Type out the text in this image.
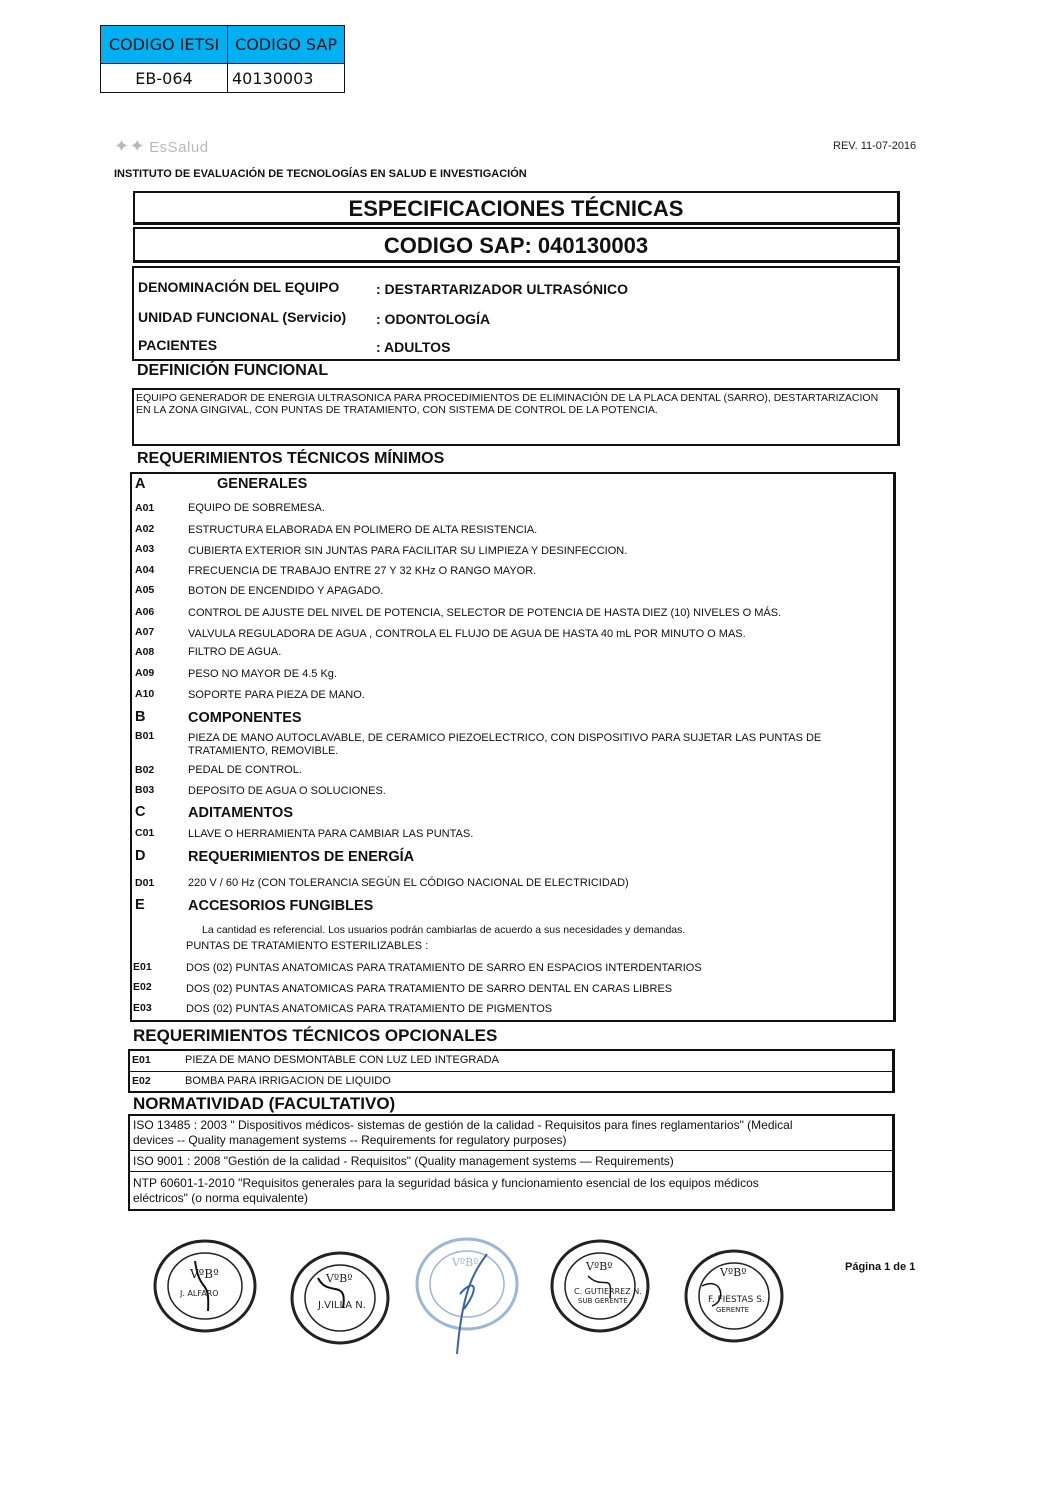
CODIGO IETSI	CODIGO SAP
EB-064	40130003
✦✦ EsSalud	REV. 11-07-2016
INSTITUTO DE EVALUACIÓN DE TECNOLOGÍAS EN SALUD E INVESTIGACIÓN
ESPECIFICACIONES TÉCNICAS
CODIGO SAP: 040130003
DENOMINACIÓN DEL EQUIPO	: DESTARTARIZADOR ULTRASÓNICO
UNIDAD FUNCIONAL (Servicio) : ODONTOLOGÍA
PACIENTES	: ADULTOS
DEFINICIÓN FUNCIONAL
EQUIPO GENERADOR DE ENERGIA ULTRASONICA PARA PROCEDIMIENTOS DE ELIMINACIÓN DE LA PLACA DENTAL (SARRO), DESTARTARIZACION EN LA ZONA GINGIVAL, CON PUNTAS DE TRATAMIENTO, CON SISTEMA DE CONTROL DE LA POTENCIA.
REQUERIMIENTOS TÉCNICOS MÍNIMOS
A	GENERALES
A01	EQUIPO DE SOBREMESA.
A02	ESTRUCTURA ELABORADA EN POLIMERO DE ALTA RESISTENCIA.
A03	CUBIERTA EXTERIOR SIN JUNTAS PARA FACILITAR SU LIMPIEZA Y DESINFECCION.
A04	FRECUENCIA DE TRABAJO ENTRE 27 Y 32 KHz O RANGO MAYOR.
A05	BOTON DE ENCENDIDO Y APAGADO.
A06	CONTROL DE AJUSTE DEL NIVEL DE POTENCIA, SELECTOR DE POTENCIA DE HASTA DIEZ (10) NIVELES O MÁS.
A07	VALVULA REGULADORA DE AGUA , CONTROLA EL FLUJO DE AGUA DE HASTA 40 mL POR MINUTO O MAS.
A08	FILTRO DE AGUA.
A09	PESO NO MAYOR DE 4.5 Kg.
A10	SOPORTE PARA PIEZA DE MANO.
B	COMPONENTES
B01	PIEZA DE MANO AUTOCLAVABLE, DE CERAMICO PIEZOELECTRICO, CON DISPOSITIVO PARA SUJETAR LAS PUNTAS DE
TRATAMIENTO, REMOVIBLE.
B02	PEDAL DE CONTROL.
B03	DEPOSITO DE AGUA O SOLUCIONES.
C	ADITAMENTOS
C01	LLAVE O HERRAMIENTA PARA CAMBIAR LAS PUNTAS.
D	REQUERIMIENTOS DE ENERGÍA
D01	220 V / 60 Hz (CON TOLERANCIA SEGÚN EL CÓDIGO NACIONAL DE ELECTRICIDAD)
E	ACCESORIOS FUNGIBLES
La cantidad es referencial. Los usuarios podrán cambiarlas de acuerdo a sus necesidades y demandas.
PUNTAS DE TRATAMIENTO ESTERILIZABLES :
E01	DOS (02) PUNTAS ANATOMICAS PARA TRATAMIENTO DE SARRO EN ESPACIOS INTERDENTARIOS
E02	DOS (02) PUNTAS ANATOMICAS PARA TRATAMIENTO DE SARRO DENTAL EN CARAS LIBRES
E03	DOS (02) PUNTAS ANATOMICAS PARA TRATAMIENTO DE PIGMENTOS
REQUERIMIENTOS TÉCNICOS OPCIONALES
E01	PIEZA DE MANO DESMONTABLE CON LUZ LED INTEGRADA
E02	BOMBA PARA IRRIGACION DE LIQUIDO
NORMATIVIDAD (FACULTATIVO)
ISO 13485 : 2003 " Dispositivos médicos- sistemas de gestión de la calidad - Requisitos para fines reglamentarios" (Medical
devices -- Quality management systems -- Requirements for regulatory purposes)
ISO 9001 : 2008 "Gestión de la calidad - Requisitos" (Quality management systems — Requirements)
NTP 60601-1-2010 "Requisitos generales para la seguridad básica y funcionamiento esencial de los equipos médicos
eléctricos" (o norma equivalente)
VºBº
J. ALFARO
VºBº
J.VILLA N.
VºBº	VºBº
C. GUTIERREZ N.
SUB GERENTE
VºBº
F. FIESTAS S.
GERENTE
Página 1 de 1
